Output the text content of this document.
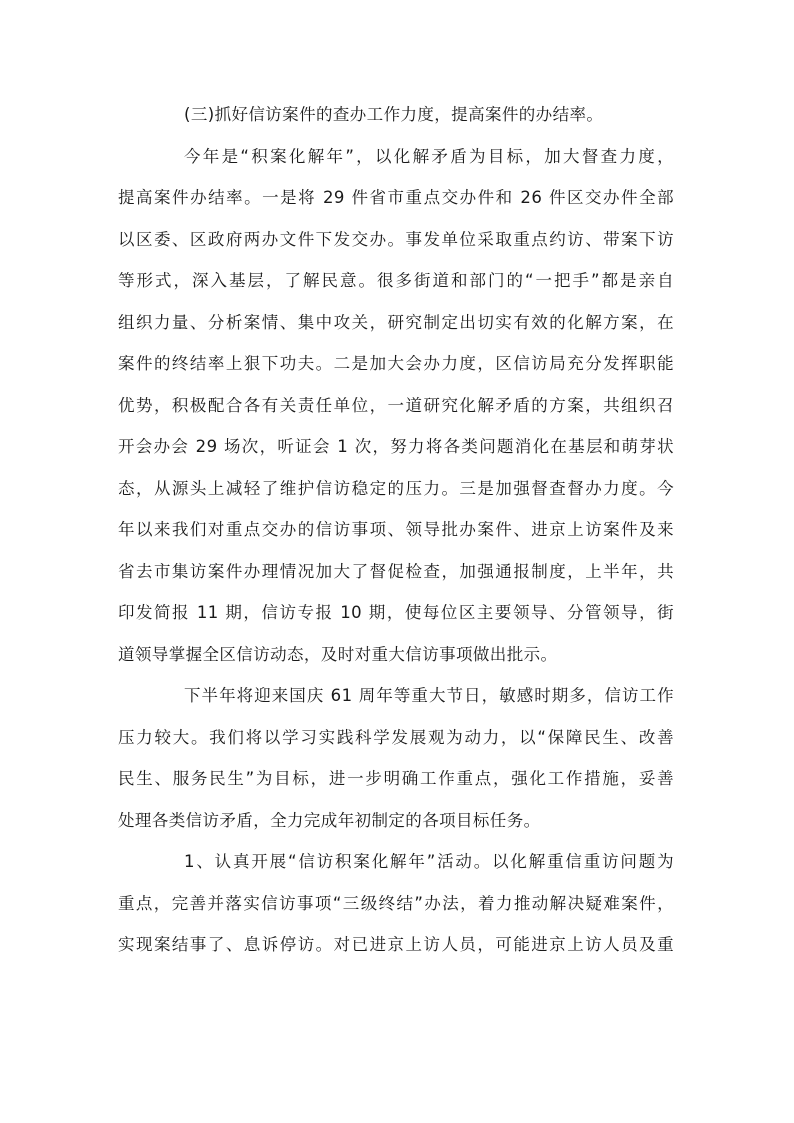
(三)抓好信访案件的查办工作力度，提高案件的办结率。
今年是“积案化解年”，以化解矛盾为目标，加大督查力度，
提高案件办结率。一是将 29 件省市重点交办件和 26 件区交办件全部
以区委、区政府两办文件下发交办。事发单位采取重点约访、带案下访
等形式，深入基层，了解民意。很多街道和部门的“一把手”都是亲自
组织力量、分析案情、集中攻关，研究制定出切实有效的化解方案，在
案件的终结率上狠下功夫。二是加大会办力度，区信访局充分发挥职能
优势，积极配合各有关责任单位，一道研究化解矛盾的方案，共组织召
开会办会 29 场次，听证会 1 次，努力将各类问题消化在基层和萌芽状
态，从源头上减轻了维护信访稳定的压力。三是加强督查督办力度。今
年以来我们对重点交办的信访事项、领导批办案件、进京上访案件及来
省去市集访案件办理情况加大了督促检查，加强通报制度，上半年，共
印发简报 11 期，信访专报 10 期，使每位区主要领导、分管领导，街
道领导掌握全区信访动态，及时对重大信访事项做出批示。
下半年将迎来国庆 61 周年等重大节日，敏感时期多，信访工作
压力较大。我们将以学习实践科学发展观为动力，以“保障民生、改善
民生、服务民生”为目标，进一步明确工作重点，强化工作措施，妥善
处理各类信访矛盾，全力完成年初制定的各项目标任务。
1、认真开展“信访积案化解年”活动。以化解重信重访问题为
重点，完善并落实信访事项“三级终结”办法，着力推动解决疑难案件，
实现案结事了、息诉停访。对已进京上访人员，可能进京上访人员及重
